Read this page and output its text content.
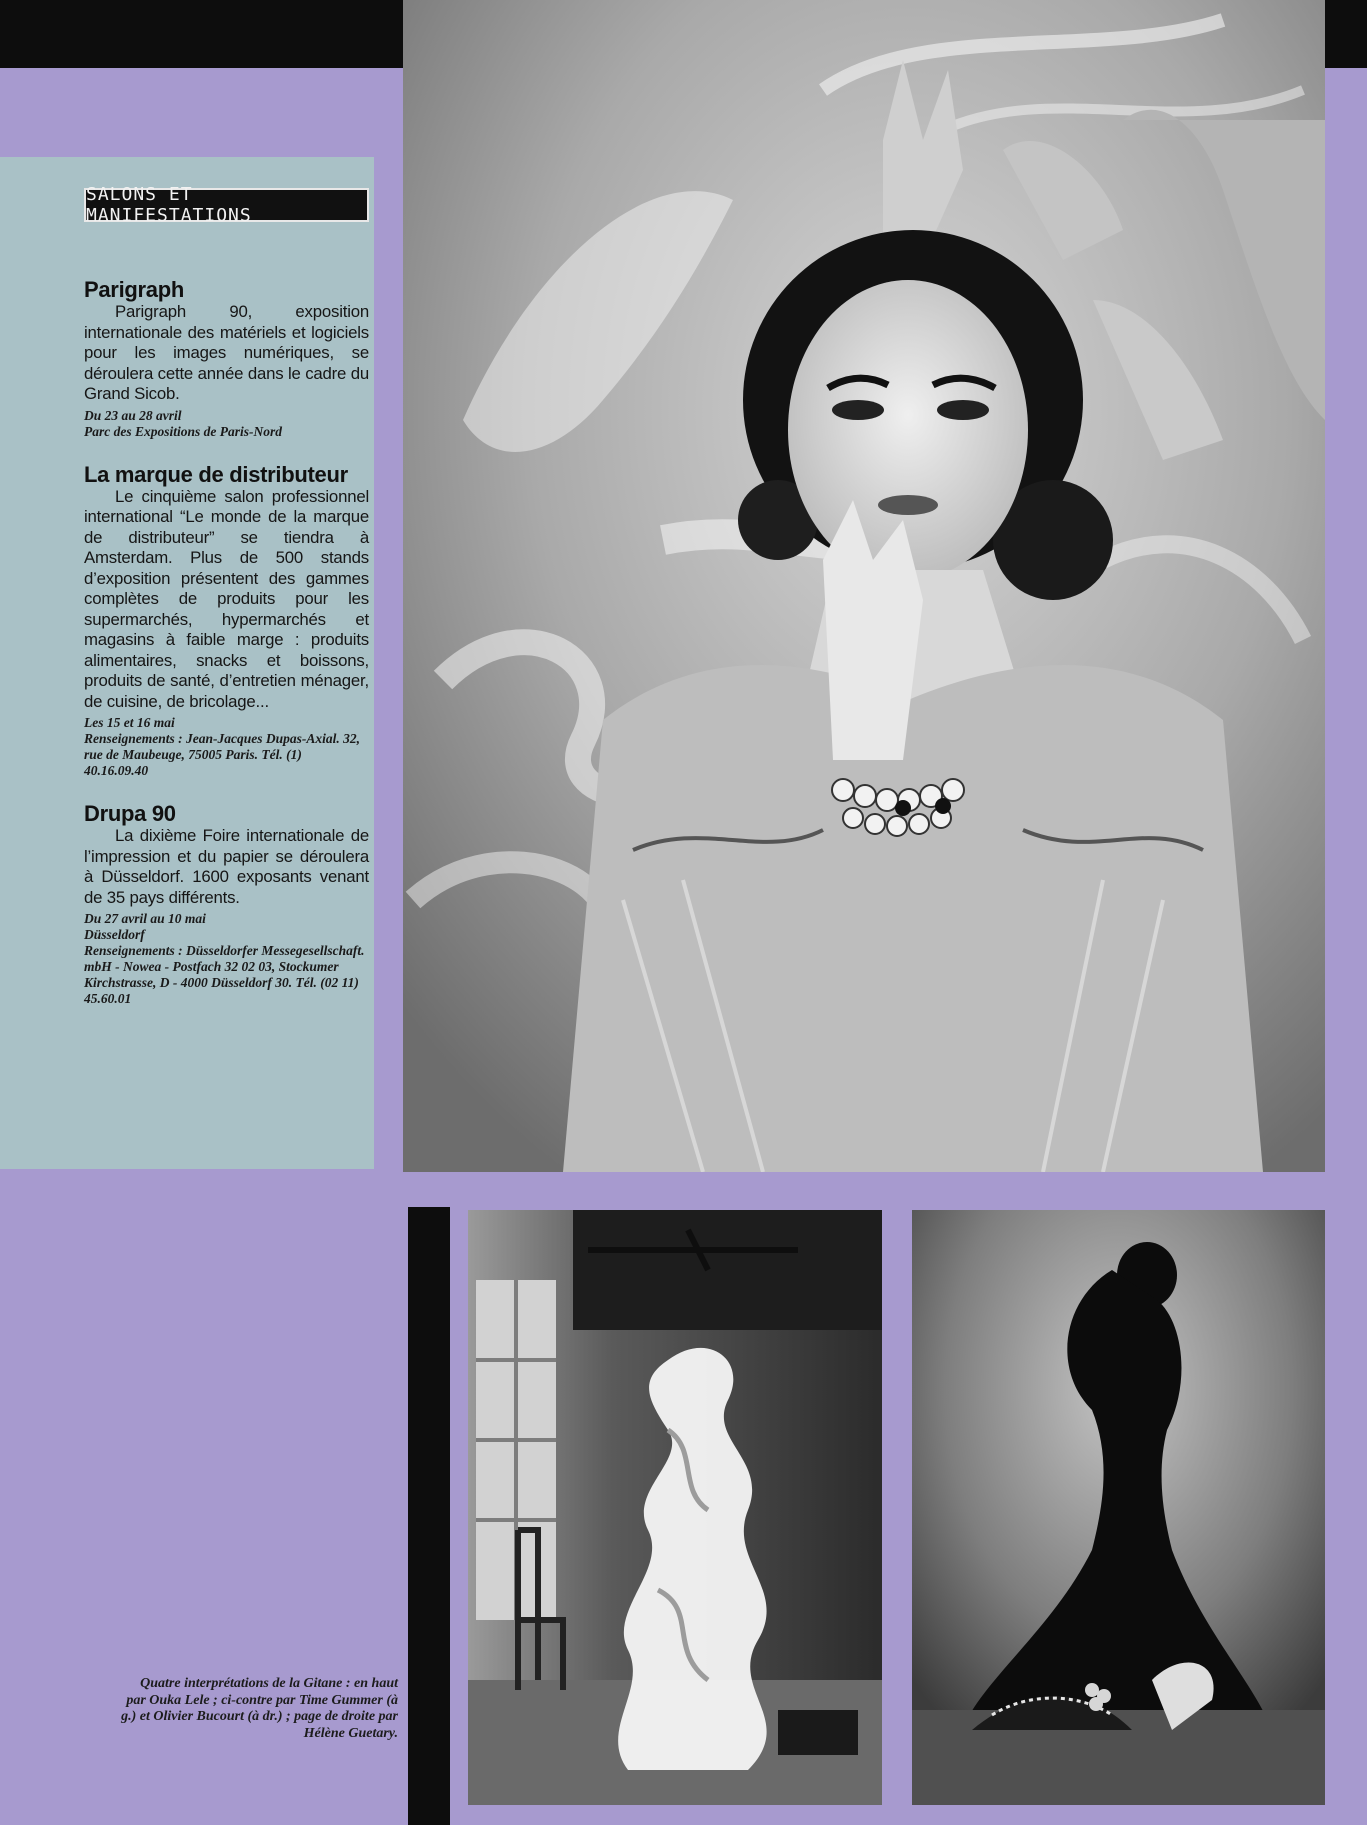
SALONS ET MANIFESTATIONS
Parigraph

Parigraph 90, exposition internationale des matériels et logiciels pour les images numériques, se déroulera cette année dans le cadre du Grand Sicob.

Du 23 au 28 avril
Parc des Expositions de Paris-Nord
La marque de distributeur

Le cinquième salon professionnel international “Le monde de la marque de distributeur” se tiendra à Amsterdam. Plus de 500 stands d’exposition présentent des gammes complètes de produits pour les supermarchés, hypermarchés et magasins à faible marge : produits alimentaires, snacks et boissons, produits de santé, d’entretien ménager, de cuisine, de bricolage...

Les 15 et 16 mai
Renseignements : Jean-Jacques Dupas-Axial. 32, rue de Maubeuge, 75005 Paris. Tél. (1) 40.16.09.40
Drupa 90

La dixième Foire internationale de l’impression et du papier se déroulera à Düsseldorf. 1600 exposants venant de 35 pays différents.

Du 27 avril au 10 mai
Düsseldorf
Renseignements : Düsseldorfer Messegesellschaft. mbH - Nowea - Postfach 32 02 03, Stockumer Kirchstrasse, D - 4000 Düsseldorf 30. Tél. (02 11) 45.60.01
Quatre interprétations de la Gitane : en haut par Ouka Lele ; ci-contre par Time Gummer (à g.) et Olivier Bucourt (à dr.) ; page de droite par Hélène Guetary.
